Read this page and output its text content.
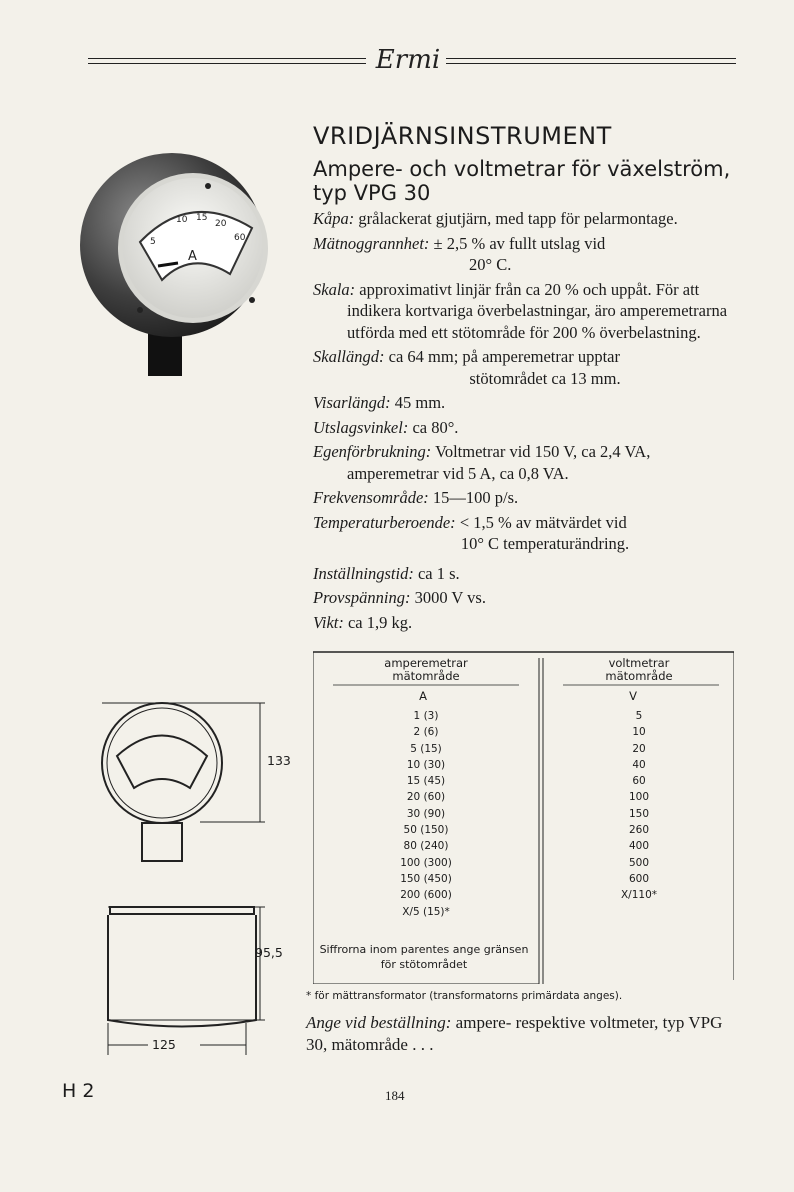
Ermi
5
10 15
20
60
A
133
95,5
125
VRIDJÄRNSINSTRUMENT
Ampere- och voltmetrar för växelström, typ VPG 30

Kåpa: grålackerat gjutjärn, med tapp för pelarmontage.

Mätnoggrannhet: ± 2,5 % av fullt utslag vid
20° C.

Skala: approximativt linjär från ca 20 % och uppåt. För att indikera kortvariga överbelastningar, äro amperemetrarna utförda med ett stötområde för 200 % överbelastning.

Skallängd: ca 64 mm; på amperemetrar upptar
stötområdet ca 13 mm.

Visarlängd: 45 mm.

Utslagsvinkel: ca 80°.

Egenförbrukning: Voltmetrar vid 150 V, ca 2,4 VA, amperemetrar vid 5 A, ca 0,8 VA.

Frekvensområde: 15—100 p/s.

Temperaturberoende: < 1,5 % av mätvärdet vid
10° C temperaturändring.

Inställningstid: ca 1 s.

Provspänning: 3000 V vs.

Vikt: ca 1,9 kg.

amperemetrar
mätområde
voltmetrar
mätområde
A	V
1 (3)
2 (6)
5 (15)
10 (30)
15 (45)
20 (60)
30 (90)
50 (150)
80 (240)
100 (300)
150 (450)
200 (600)
X/5 (15)*
5
10
20
40
60
100
150
260
400
500
600
X/110*
Siffrorna inom parentes ange gränsen för stötområdet
* för mättransformator (transformatorns primärdata anges).
Ange vid beställning: ampere- respektive voltmeter, typ VPG 30, mätområde . . .
H 2	184
